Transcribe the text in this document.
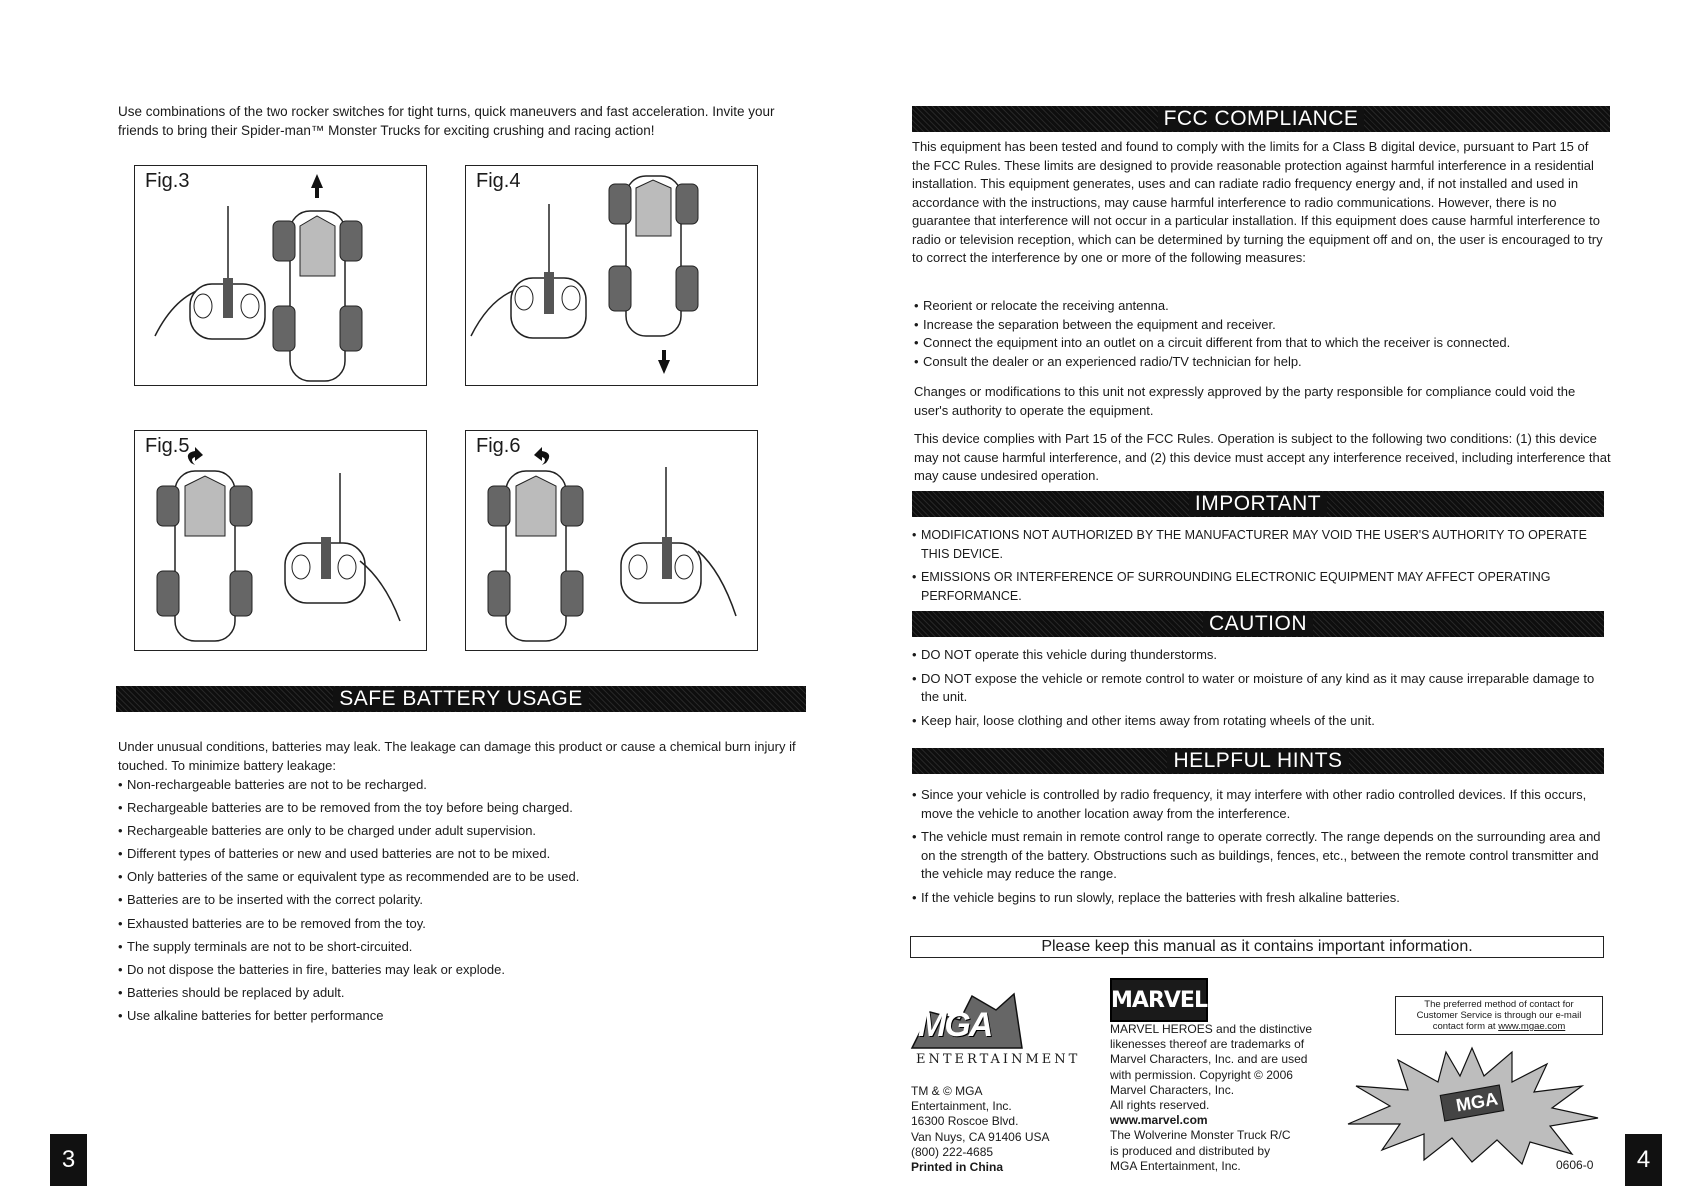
Use combinations of the two rocker switches for tight turns, quick maneuvers and fast acceleration. Invite your friends to bring their Spider-man™ Monster Trucks for exciting crushing and racing action!
Fig.3	Fig.4
Fig.5	Fig.6
SAFE BATTERY USAGE
Under unusual conditions, batteries may leak. The leakage can damage this product or cause a chemical burn injury if touched. To minimize battery leakage:
• Non-rechargeable batteries are not to be recharged.
• Rechargeable batteries are to be removed from the toy before being charged.
• Rechargeable batteries are only to be charged under adult supervision.
• Different types of batteries or new and used batteries are not to be mixed.
• Only batteries of the same or equivalent type as recommended are to be used.
• Batteries are to be inserted with the correct polarity.
• Exhausted batteries are to be removed from the toy.
• The supply terminals are not to be short-circuited.
• Do not dispose the batteries in fire, batteries may leak or explode.
• Batteries should be replaced by adult.
• Use alkaline batteries for better performance
3
FCC COMPLIANCE
This equipment has been tested and found to comply with the limits for a Class B digital device, pursuant to Part 15 of the FCC Rules. These limits are designed to provide reasonable protection against harmful interference in a residential installation. This equipment generates, uses and can radiate radio frequency energy and, if not installed and used in accordance with the instructions, may cause harmful interference to radio communications. However, there is no guarantee that interference will not occur in a particular installation. If this equipment does cause harmful interference to radio or television reception, which can be determined by turning the equipment off and on, the user is encouraged to try to correct the interference by one or more of the following measures:
• Reorient or relocate the receiving antenna.
• Increase the separation between the equipment and receiver.
• Connect the equipment into an outlet on a circuit different from that to which the receiver is connected.
• Consult the dealer or an experienced radio/TV technician for help.
Changes or modifications to this unit not expressly approved by the party responsible for compliance could void the user's authority to operate the equipment.
This device complies with Part 15 of the FCC Rules. Operation is subject to the following two conditions: (1) this device may not cause harmful interference, and (2) this device must accept any interference received, including interference that may cause undesired operation.
IMPORTANT
• MODIFICATIONS NOT AUTHORIZED BY THE MANUFACTURER MAY VOID THE USER'S AUTHORITY TO OPERATE THIS DEVICE.
• EMISSIONS OR INTERFERENCE OF SURROUNDING ELECTRONIC EQUIPMENT MAY AFFECT OPERATING PERFORMANCE.
CAUTION
• DO NOT operate this vehicle during thunderstorms.
• DO NOT expose the vehicle or remote control to water or moisture of any kind as it may cause irreparable damage to the unit.
• Keep hair, loose clothing and other items away from rotating wheels of the unit.
HELPFUL HINTS
• Since your vehicle is controlled by radio frequency, it may interfere with other radio controlled devices. If this occurs, move the vehicle to another location away from the interference.
• The vehicle must remain in remote control range to operate correctly. The range depends on the surrounding area and on the strength of the battery. Obstructions such as buildings, fences, etc., between the remote control transmitter and the vehicle may reduce the range.
• If the vehicle begins to run slowly, replace the batteries with fresh alkaline batteries.
Please keep this manual as it contains important information.
MGA
ENTERTAINMENT
TM & © MGA
Entertainment, Inc.
16300 Roscoe Blvd.
Van Nuys, CA 91406 USA
(800) 222-4685
Printed in China
MARVEL
MARVEL HEROES and the distinctive
likenesses thereof are trademarks of
Marvel Characters, Inc. and are used
with permission. Copyright © 2006
Marvel Characters, Inc.
All rights reserved.
www.marvel.com
The Wolverine Monster Truck R/C
is produced and distributed by
MGA Entertainment, Inc.
The preferred method of contact for
Customer Service is through our e-mail
contact form at www.mgae.com
MGA
0606-0	4
